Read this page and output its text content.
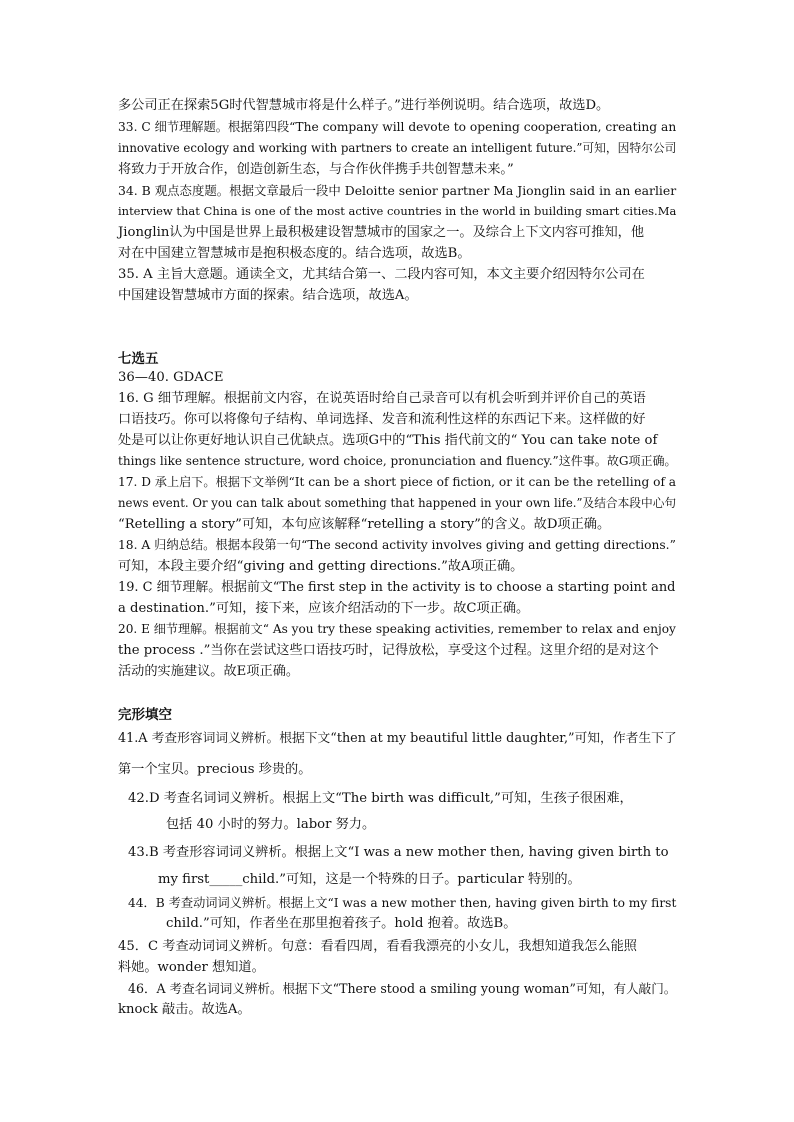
多公司正在探索5G时代智慧城市将是什么样子。”进行举例说明。结合选项，故选D。
33. C 细节理解题。根据第四段“The company will devote to opening cooperation, creating an
innovative ecology and working with partners to create an intelligent future.”可知，因特尔公司
将致力于开放合作，创造创新生态，与合作伙伴携手共创智慧未来。”
34. B 观点态度题。根据文章最后一段中 Deloitte senior partner Ma Jionglin said in an earlier
interview that China is one of the most active countries in the world in building smart cities.Ma
Jionglin认为中国是世界上最积极建设智慧城市的国家之一。及综合上下文内容可推知，他
对在中国建立智慧城市是抱积极态度的。结合选项，故选B。
35. A 主旨大意题。通读全文，尤其结合第一、二段内容可知，本文主要介绍因特尔公司在
中国建设智慧城市方面的探索。结合选项，故选A。
七选五
36—40. GDACE
16. G 细节理解。根据前文内容，在说英语时给自己录音可以有机会听到并评价自己的英语
口语技巧。你可以将像句子结构、单词选择、发音和流利性这样的东西记下来。这样做的好
处是可以让你更好地认识自己优缺点。选项G中的“This 指代前文的“ You can take note of
things like sentence structure, word choice, pronunciation and fluency.”这件事。故G项正确。
17. D 承上启下。根据下文举例“It can be a short piece of fiction, or it can be the retelling of a
news event. Or you can talk about something that happened in your own life.”及结合本段中心句
“Retelling a story”可知，本句应该解释“retelling a story”的含义。故D项正确。
18. A 归纳总结。根据本段第一句“The second activity involves giving and getting directions.”
可知，本段主要介绍“giving and getting directions.”故A项正确。
19. C 细节理解。根据前文“The first step in the activity is to choose a starting point and
a destination.”可知，接下来，应该介绍活动的下一步。故C项正确。
20. E 细节理解。根据前文“ As you try these speaking activities, remember to relax and enjoy
the process .”当你在尝试这些口语技巧时，记得放松，享受这个过程。这里介绍的是对这个
活动的实施建议。故E项正确。
完形填空
41.A 考查形容词词义辨析。根据下文“then at my beautiful little daughter,”可知，作者生下了
第一个宝贝。precious 珍贵的。
42.D 考查名词词义辨析。根据上文“The birth was difficult,”可知，生孩子很困难，
包括 40 小时的努力。labor 努力。
43.B 考查形容词词义辨析。根据上文“I was a new mother then, having given birth to
my first_____child.”可知，这是一个特殊的日子。particular 特别的。
44．B 考查动词词义辨析。根据上文“I was a new mother then, having given birth to my first
child.”可知，作者坐在那里抱着孩子。hold 抱着。故选B。
45．C 考查动词词义辨析。句意：看看四周，看看我漂亮的小女儿，我想知道我怎么能照
料她。wonder 想知道。
46．A 考查名词词义辨析。根据下文“There stood a smiling young woman”可知，有人敲门。
knock 敲击。故选A。
